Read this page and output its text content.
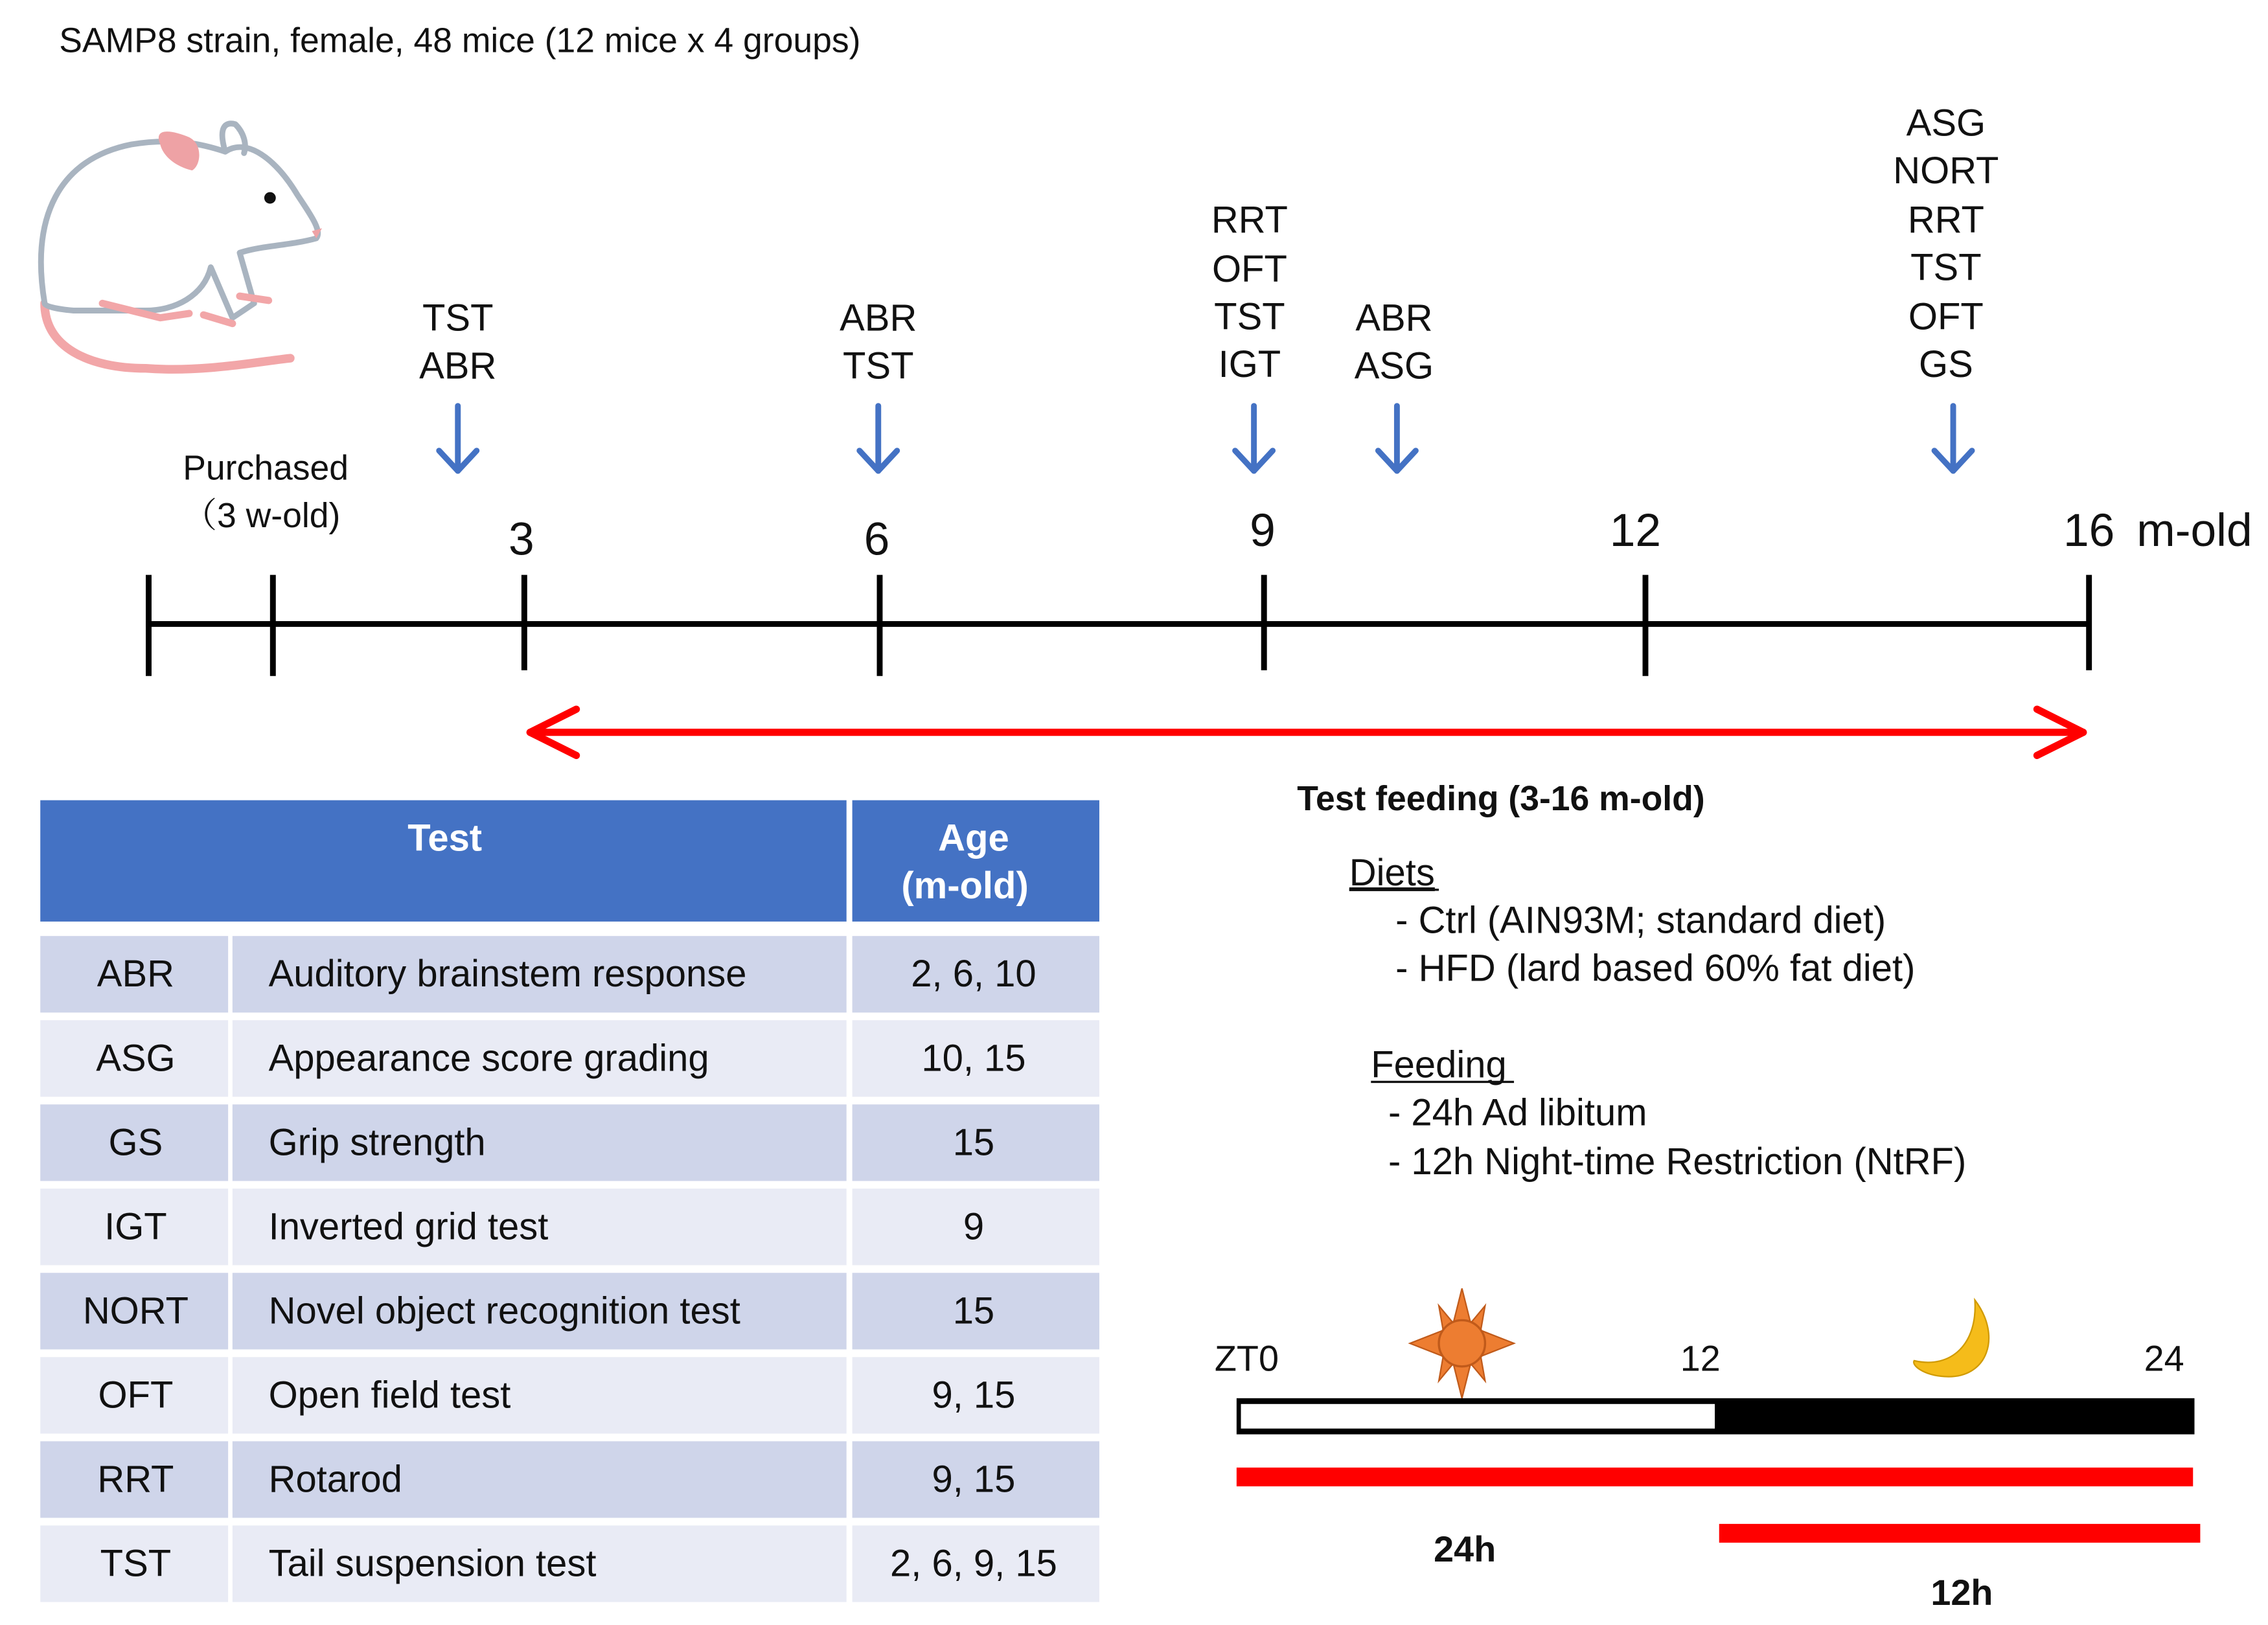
SAMP8 strain, female, 48 mice (12 mice x 4 groups)
Purchased
（3 w-old)	3	6	9	12	16 m-old
TST
ABR
ABR
TST
RRT
OFT
TST
IGT
ABR
ASG
ASG
NORT
RRT
TST
OFT
GS
Test feeding (3-16 m-old)
Test	Age
(m-old)
ABR	Auditory brainstem response	2, 6, 10
ASG	Appearance score grading	10, 15
GS	Grip strength	15
IGT	Inverted grid test	9
NORT	Novel object recognition test	15
OFT	Open field test	9, 15
RRT	Rotarod	9, 15
TST	Tail suspension test	2, 6, 9, 15
Diets
- Ctrl (AIN93M; standard diet)
- HFD (lard based 60% fat diet)
Feeding
- 24h Ad libitum
- 12h Night-time Restriction (NtRF)
ZT0	12	24
24h
12h
